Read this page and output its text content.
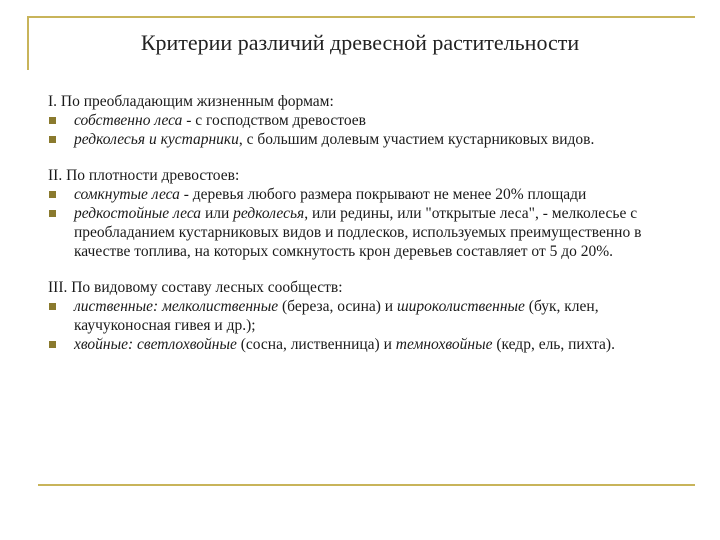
Критерии различий древесной растительности

I. По преобладающим жизненным формам:

собственно леса - с господством древостоев
редколесья и кустарники, с большим долевым участием кустарниковых видов.

II. По плотности древостоев:

сомкнутые леса - деревья любого размера покрывают не менее 20% площади
редкостойные леса или редколесья, или редины, или "открытые леса", - мелколесье с преобладанием кустарниковых видов и подлесков, используемых преимущественно в качестве топлива, на которых сомкнутость крон деревьев составляет от 5 до 20%.

III. По видовому составу лесных сообществ:

лиственные: мелколиственные (береза, осина) и широколиственные (бук, клен, каучуконосная гивея и др.);
хвойные: светлохвойные (сосна, лиственница) и темнохвойные (кедр, ель, пихта).
